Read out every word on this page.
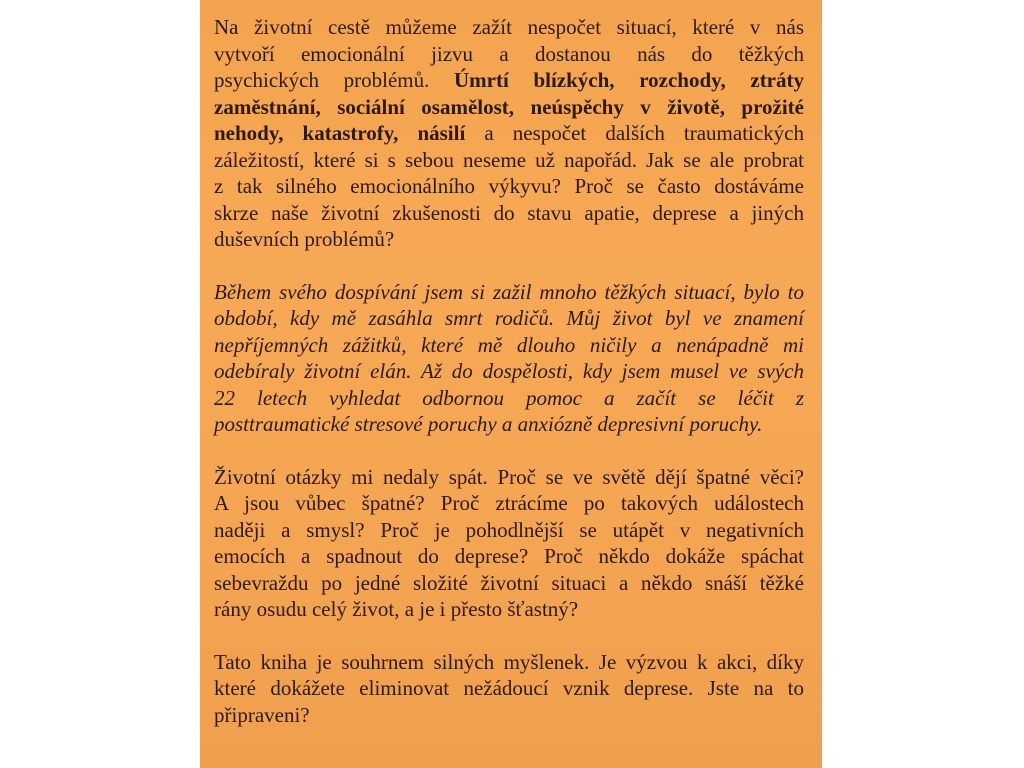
Na životní cestě můžeme zažít nespočet situací, které v nás
vytvoří emocionální jizvu a dostanou nás do těžkých
psychických problémů. Úmrtí blízkých, rozchody, ztráty
zaměstnání, sociální osamělost, neúspěchy v životě, prožité
nehody, katastrofy, násilí a nespočet dalších traumatických
záležitostí, které si s sebou neseme už napořád. Jak se ale probrat
z tak silného emocionálního výkyvu? Proč se často dostáváme
skrze naše životní zkušenosti do stavu apatie, deprese a jiných
duševních problémů?
Během svého dospívání jsem si zažil mnoho těžkých situací, bylo to
období, kdy mě zasáhla smrt rodičů. Můj život byl ve znamení
nepříjemných zážitků, které mě dlouho ničily a nenápadně mi
odebíraly životní elán. Až do dospělosti, kdy jsem musel ve svých
22 letech vyhledat odbornou pomoc a začít se léčit z
posttraumatické stresové poruchy a anxiózně depresivní poruchy.
Životní otázky mi nedaly spát. Proč se ve světě dějí špatné věci?
A jsou vůbec špatné? Proč ztrácíme po takových událostech
naději a smysl? Proč je pohodlnější se utápět v negativních
emocích a spadnout do deprese? Proč někdo dokáže spáchat
sebevraždu po jedné složité životní situaci a někdo snáší těžké
rány osudu celý život, a je i přesto šťastný?
Tato kniha je souhrnem silných myšlenek. Je výzvou k akci, díky
které dokážete eliminovat nežádoucí vznik deprese. Jste na to
připraveni?
